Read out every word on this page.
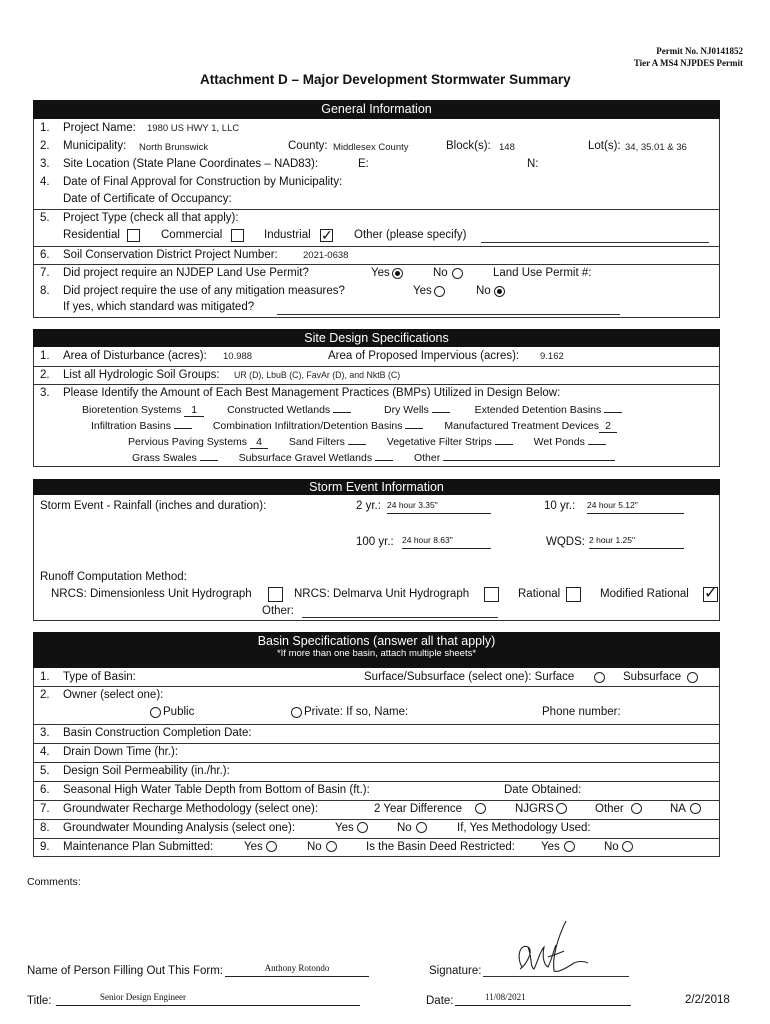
Permit No. NJ0141852
Tier A MS4 NJPDES Permit
Attachment D – Major Development Stormwater Summary
General Information
1. Project Name: 1980 US HWY 1, LLC
2. Municipality: North Brunswick	County: Middlesex County	Block(s): 148	Lot(s): 34, 35.01 & 36
3. Site Location (State Plane Coordinates – NAD83):	E:	N:
4. Date of Final Approval for Construction by Municipality:
Date of Certificate of Occupancy:
5. Project Type (check all that apply):
Residential	Commercial	Industrial ✓ Other (please specify)
6. Soil Conservation District Project Number:	2021-0638
7. Did project require an NJDEP Land Use Permit?	Yes	No	Land Use Permit #:
8. Did project require the use of any mitigation measures?	Yes	No
If yes, which standard was mitigated?
Site Design Specifications
1. Area of Disturbance (acres): 10.988	Area of Proposed Impervious (acres): 9.162
2. List all Hydrologic Soil Groups: UR (D), LbuB (C), FavAr (D), and NktB (C)
3. Please Identify the Amount of Each Best Management Practices (BMPs) Utilized in Design Below:
Bioretention Systems 1	Constructed Wetlands	Dry Wells	Extended Detention Basins
Infiltration Basins	Combination Infiltration/Detention Basins	Manufactured Treatment Devices 2
Pervious Paving Systems 4	Sand Filters	Vegetative Filter Strips	Wet Ponds
Grass Swales	Subsurface Gravel Wetlands	Other
Storm Event Information
Storm Event - Rainfall (inches and duration):	2 yr.: 24 hour 3.35"	10 yr.: 24 hour 5.12"
100 yr.: 24 hour 8.63"	WQDS: 2 hour 1.25"
Runoff Computation Method:
NRCS: Dimensionless Unit Hydrograph	NRCS: Delmarva Unit Hydrograph	Rational	Modified Rational ✓
Other:
Basin Specifications (answer all that apply)
*If more than one basin, attach multiple sheets*
1. Type of Basin:	Surface/Subsurface (select one): Surface	Subsurface
2. Owner (select one):
Public	Private: If so, Name:	Phone number:
3. Basin Construction Completion Date:
4. Drain Down Time (hr.):
5. Design Soil Permeability (in./hr.):
6. Seasonal High Water Table Depth from Bottom of Basin (ft.):	Date Obtained:
7. Groundwater Recharge Methodology (select one):	2 Year Difference	NJGRS	Other	NA
8. Groundwater Mounding Analysis (select one):	Yes	No	If, Yes Methodology Used:
9. Maintenance Plan Submitted:	Yes	No	Is the Basin Deed Restricted: Yes	No
Comments:
Name of Person Filling Out This Form:	Anthony Rotondo	Signature:
Title:	Senior Design Engineer	Date:	11/08/2021	2/2/2018
